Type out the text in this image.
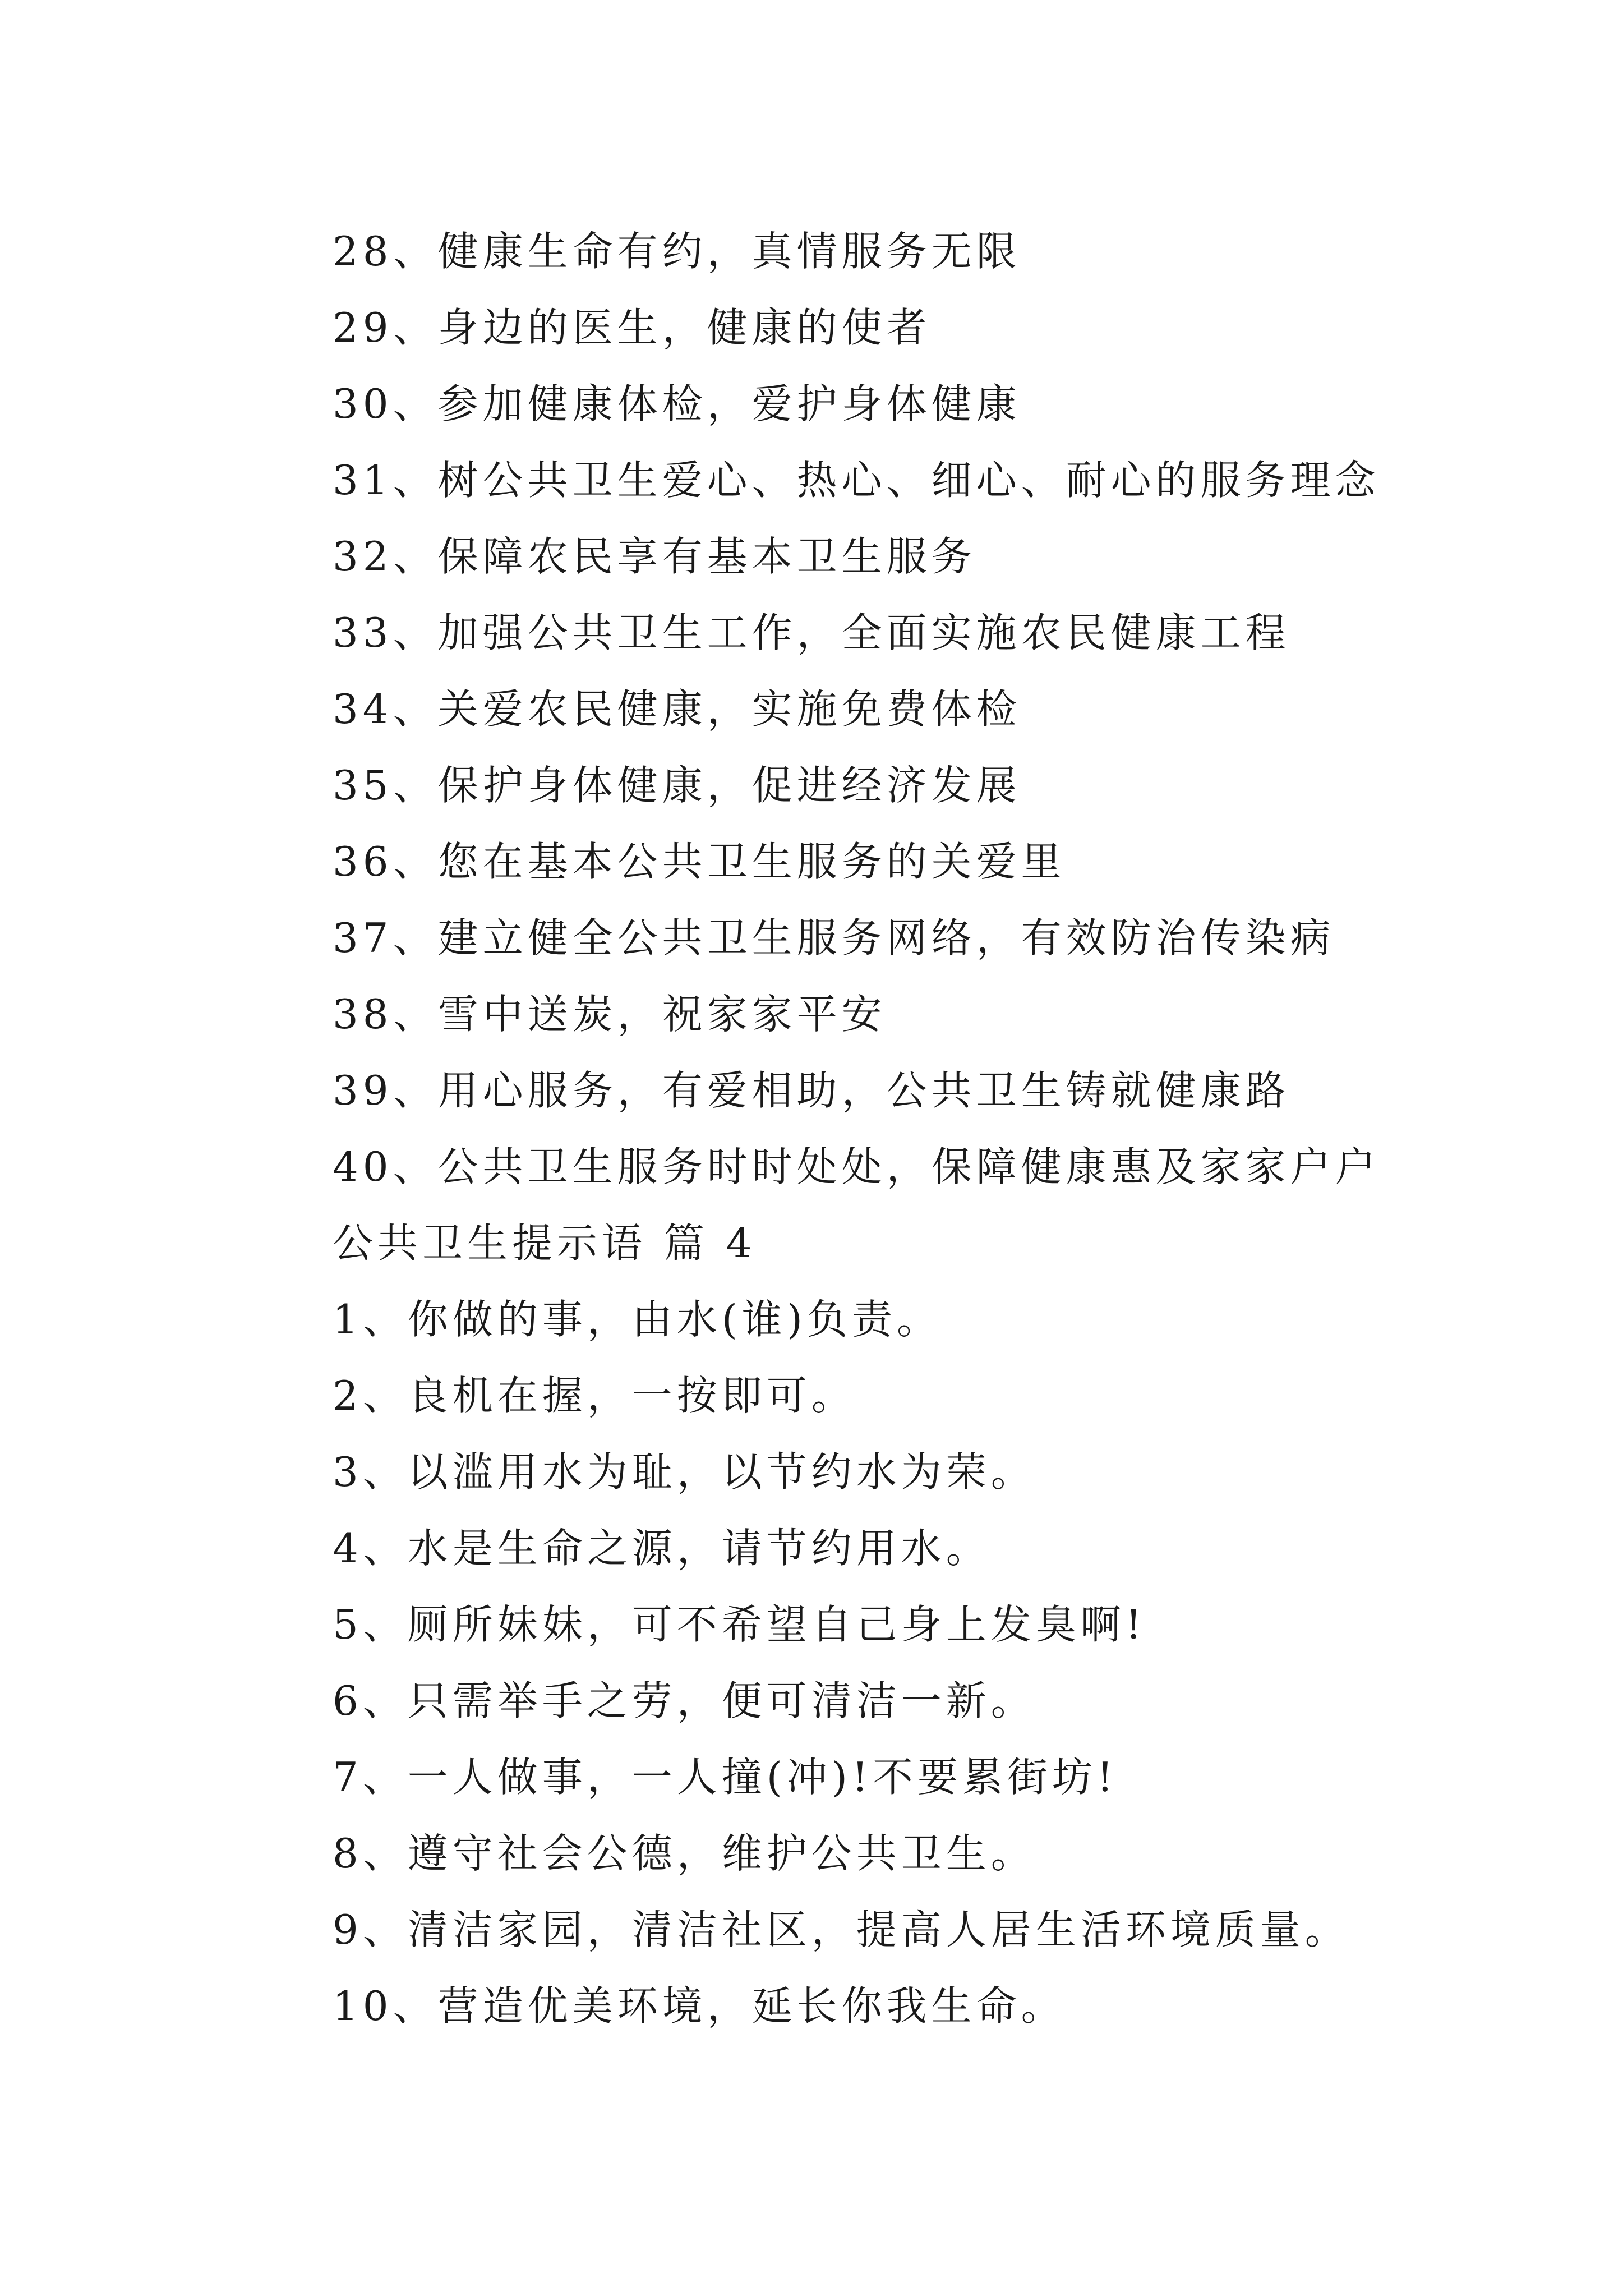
28、健康生命有约，真情服务无限
29、身边的医生，健康的使者
30、参加健康体检，爱护身体健康
31、树公共卫生爱心、热心、细心、耐心的服务理念
32、保障农民享有基本卫生服务
33、加强公共卫生工作，全面实施农民健康工程
34、关爱农民健康，实施免费体检
35、保护身体健康，促进经济发展
36、您在基本公共卫生服务的关爱里
37、建立健全公共卫生服务网络，有效防治传染病
38、雪中送炭，祝家家平安
39、用心服务，有爱相助，公共卫生铸就健康路
40、公共卫生服务时时处处，保障健康惠及家家户户
公共卫生提示语 篇 4
1、你做的事，由水(谁)负责。
2、良机在握，一按即可。
3、以滥用水为耻，以节约水为荣。
4、水是生命之源，请节约用水。
5、厕所妹妹，可不希望自己身上发臭啊!
6、只需举手之劳，便可清洁一新。
7、一人做事，一人撞(冲)!不要累街坊!
8、遵守社会公德，维护公共卫生。
9、清洁家园，清洁社区，提高人居生活环境质量。
10、营造优美环境，延长你我生命。
